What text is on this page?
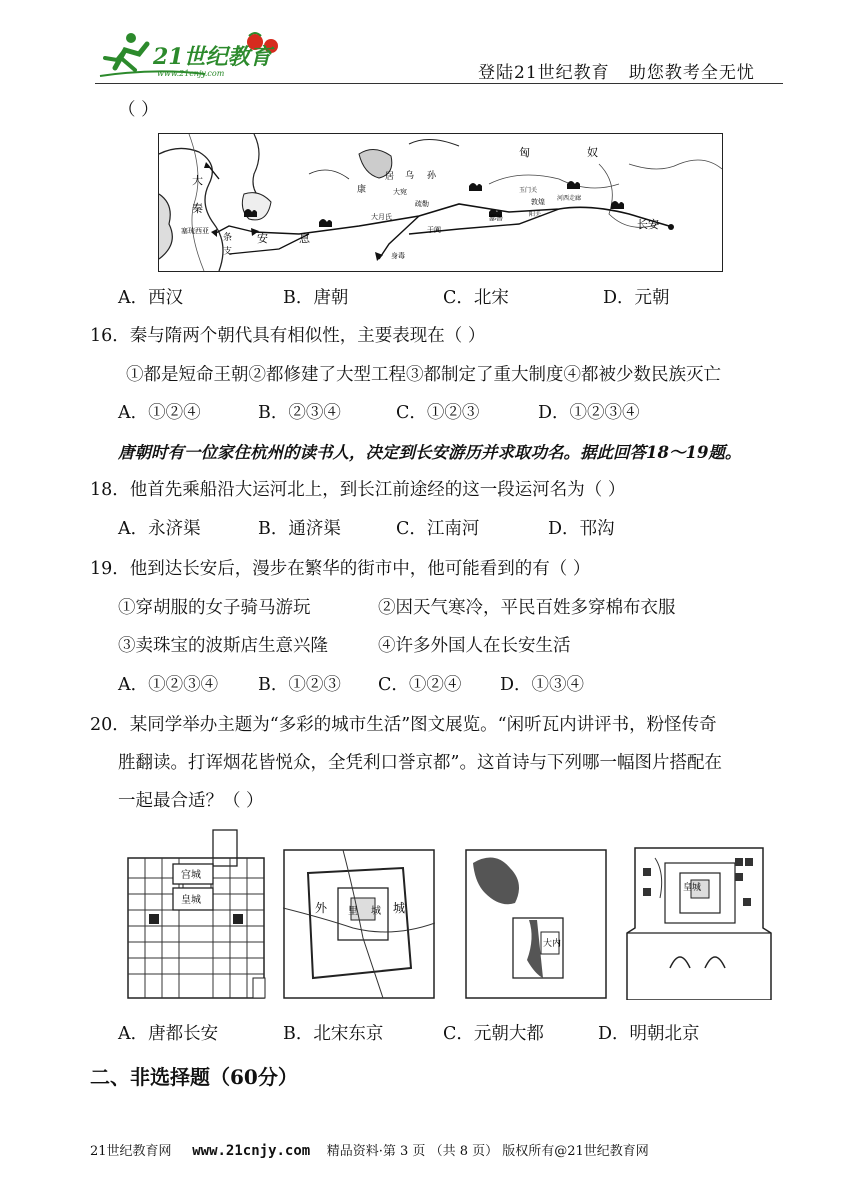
21世纪教育
www.21cnjy.com	登陆21世纪教育   助您教考全无忧
（ ）
匈	奴
大
秦
康
居 乌 孙
大宛
疏勒
大月氏
于阗
鄯善
玉门关
敦煌
阳关
河西走廊
长安
安	息
条
支
塞琉西亚
身毒
A．西汉	B．唐朝	C．北宋	D．元朝
16．秦与隋两个朝代具有相似性，主要表现在（ ）
①都是短命王朝②都修建了大型工程③都制定了重大制度④都被少数民族灭亡
A．①②④	B．②③④	C．①②③	D．①②③④
唐朝时有一位家住杭州的读书人，决定到长安游历并求取功名。据此回答18～19题。
18．他首先乘船沿大运河北上，到长江前途经的这一段运河名为（ ）
A．永济渠	B．通济渠	C．江南河	D．邗沟
19．他到达长安后，漫步在繁华的街市中，他可能看到的有（ ）
①穿胡服的女子骑马游玩	②因天气寒冷，平民百姓多穿棉布衣服
③卖珠宝的波斯店生意兴隆	④许多外国人在长安生活
A．①②③④ B．①②③ C．①②④ D．①③④
20．某同学举办主题为“多彩的城市生活”图文展览。“闲听瓦内讲评书，粉怪传奇
胜翻读。打诨烟花皆悦众，全凭利口誉京都”。这首诗与下列哪一幅图片搭配在
一起最合适？（ ）
宫城
皇城
外 里 城 城
大内
皇城
A．唐都长安	B．北宋东京	C．元朝大都	D．明朝北京
二、非选择题（60分）
21世纪教育网 www.21cnjy.com 精品资料·第 3 页 （共 8 页） 版权所有@21世纪教育网
